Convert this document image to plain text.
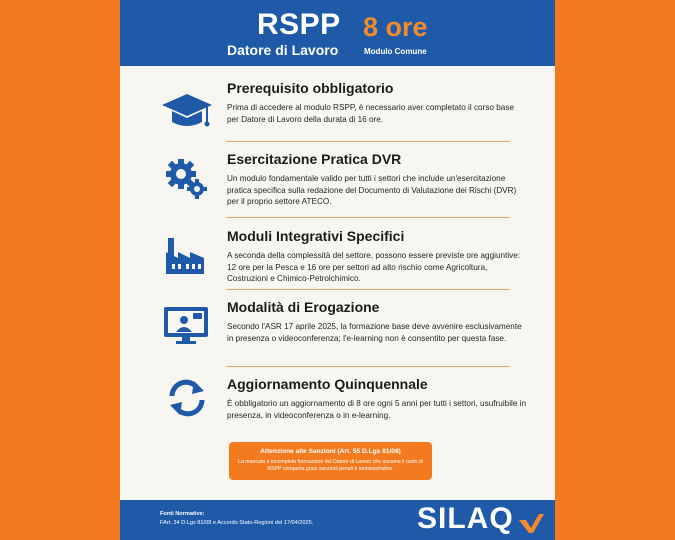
RSPP 8 ore
Datore di Lavoro	Modulo Comune
Prerequisito obbligatorio
Prima di accedere al modulo RSPP, è necessario aver completato il corso base per Datore di Lavoro della durata di 16 ore.
Esercitazione Pratica DVR
Un modulo fondamentale valido per tutti i settori che include un'esercitazione pratica specifica sulla redazione del Documento di Valutazione dei Rischi (DVR) per il proprio settore ATECO.
Moduli Integrativi Specifici
A seconda della complessità del settore, possono essere previste ore aggiuntive: 12 ore per la Pesca e 16 ore per settori ad alto rischio come Agricoltura, Costruzioni e Chimico-Petrolchimico.
Modalità di Erogazione
Secondo l'ASR 17 aprile 2025, la formazione base deve avvenire esclusivamente in presenza o videoconferenza; l'e-learning non è consentito per questa fase.
Aggiornamento Quinquennale
È obbligatorio un aggiornamento di 8 ore ogni 5 anni per tutti i settori, usufruibile in presenza, in videoconferenza o in e-learning.
Attenzione alle Sanzioni (Art. 55 D.Lgs 81/08)
La mancata o incompleta formazione del Datore di Lavoro che assume il ruolo di RSPP comporta gravi sanzioni penali e amministrative.
Fonti Normative:
FArt. 34 D.Lgs 81/08 e Accordo Stato-Regioni del 17/04/2025.	SILAQ
